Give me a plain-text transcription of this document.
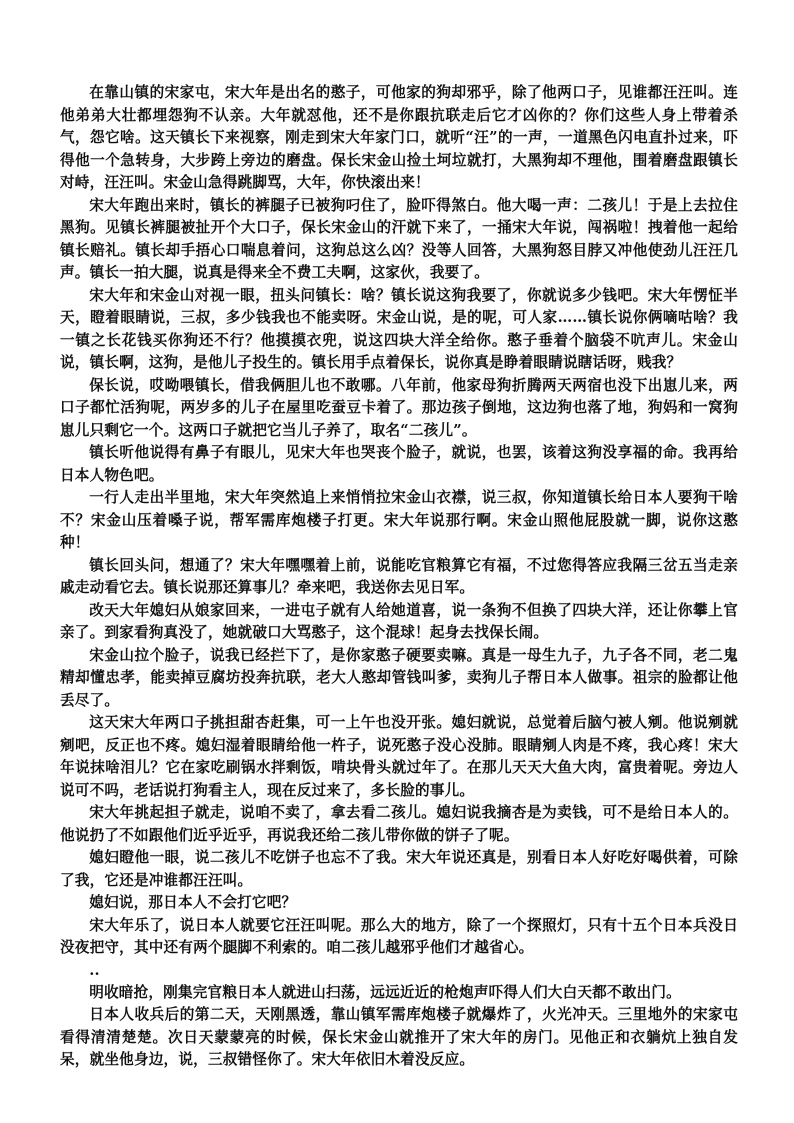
在靠山镇的宋家屯，宋大年是出名的憨子，可他家的狗却邪乎，除了他两口子，见谁都汪汪叫。连他弟弟大壮都埋怨狗不认亲。大年就怼他，还不是你跟抗联走后它才凶你的？你们这些人身上带着杀气，怨它啥。这天镇长下来视察，刚走到宋大年家门口，就听“汪”的一声，一道黑色闪电直扑过来，吓得他一个急转身，大步跨上旁边的磨盘。保长宋金山捡土坷垃就打，大黑狗却不理他，围着磨盘跟镇长对峙，汪汪叫。宋金山急得跳脚骂，大年，你快滚出来！

宋大年跑出来时，镇长的裤腿子已被狗叼住了，脸吓得煞白。他大喝一声：二孩儿！于是上去拉住黑狗。见镇长裤腿被扯开个大口子，保长宋金山的汗就下来了，一捅宋大年说，闯祸啦！拽着他一起给镇长赔礼。镇长却手捂心口喘息着问，这狗总这么凶？没等人回答，大黑狗怒目脖又冲他使劲儿汪汪几声。镇长一拍大腿，说真是得来全不费工夫啊，这家伙，我要了。

宋大年和宋金山对视一眼，扭头问镇长：啥？镇长说这狗我要了，你就说多少钱吧。宋大年愣怔半天，瞪着眼睛说，三叔，多少钱我也不能卖呀。宋金山说，是的呢，可人家……镇长说你俩嘀咕啥？我一镇之长花钱买你狗还不行？他摸摸衣兜，说这四块大洋全给你。憨子垂着个脑袋不吭声儿。宋金山说，镇长啊，这狗，是他儿子投生的。镇长用手点着保长，说你真是睁着眼睛说瞎话呀，贱我？

保长说，哎呦喂镇长，借我俩胆儿也不敢哪。八年前，他家母狗折腾两天两宿也没下出崽儿来，两口子都忙活狗呢，两岁多的儿子在屋里吃蚕豆卡着了。那边孩子倒地，这边狗也落了地，狗妈和一窝狗崽儿只剩它一个。这两口子就把它当儿子养了，取名“二孩儿”。

镇长听他说得有鼻子有眼儿，见宋大年也哭丧个脸子，就说，也罢，该着这狗没享福的命。我再给日本人物色吧。

一行人走出半里地，宋大年突然追上来悄悄拉宋金山衣襟，说三叔，你知道镇长给日本人要狗干啥不？宋金山压着嗓子说，帮军需库炮楼子打更。宋大年说那行啊。宋金山照他屁股就一脚，说你这憨种！

镇长回头问，想通了？宋大年嘿嘿着上前，说能吃官粮算它有福，不过您得答应我隔三岔五当走亲戚走动看它去。镇长说那还算事儿？牵来吧，我送你去见日军。

改天大年媳妇从娘家回来，一进屯子就有人给她道喜，说一条狗不但换了四块大洋，还让你攀上官亲了。到家看狗真没了，她就破口大骂憨子，这个混球！起身去找保长闹。

宋金山拉个脸子，说我已经拦下了，是你家憨子硬要卖嘛。真是一母生九子，九子各不同，老二鬼精却懂忠孝，能卖掉豆腐坊投奔抗联，老大人憨却管钱叫爹，卖狗儿子帮日本人做事。祖宗的脸都让他丢尽了。

这天宋大年两口子挑担甜杏赶集，可一上午也没开张。媳妇就说，总觉着后脑勺被人剜。他说剜就剜吧，反正也不疼。媳妇湿着眼睛给他一杵子，说死憨子没心没肺。眼睛剜人肉是不疼，我心疼！宋大年说抹啥泪儿？它在家吃刷锅水拌剩饭，啃块骨头就过年了。在那儿天天大鱼大肉，富贵着呢。旁边人说可不吗，老话说打狗看主人，现在反过来了，多长脸的事儿。

宋大年挑起担子就走，说咱不卖了，拿去看二孩儿。媳妇说我摘杏是为卖钱，可不是给日本人的。他说扔了不如跟他们近乎近乎，再说我还给二孩儿带你做的饼子了呢。

媳妇瞪他一眼，说二孩儿不吃饼子也忘不了我。宋大年说还真是，别看日本人好吃好喝供着，可除了我，它还是冲谁都汪汪叫。

媳妇说，那日本人不会打它吧？

宋大年乐了，说日本人就要它汪汪叫呢。那么大的地方，除了一个探照灯，只有十五个日本兵没日没夜把守，其中还有两个腿脚不利索的。咱二孩儿越邪乎他们才越省心。

..

明收暗抢，刚集完官粮日本人就进山扫荡，远远近近的枪炮声吓得人们大白天都不敢出门。

日本人收兵后的第二天，天刚黑透，靠山镇军需库炮楼子就爆炸了，火光冲天。三里地外的宋家屯看得清清楚楚。次日天蒙蒙亮的时候，保长宋金山就推开了宋大年的房门。见他正和衣躺炕上独自发呆，就坐他身边，说，三叔错怪你了。宋大年依旧木着没反应。
